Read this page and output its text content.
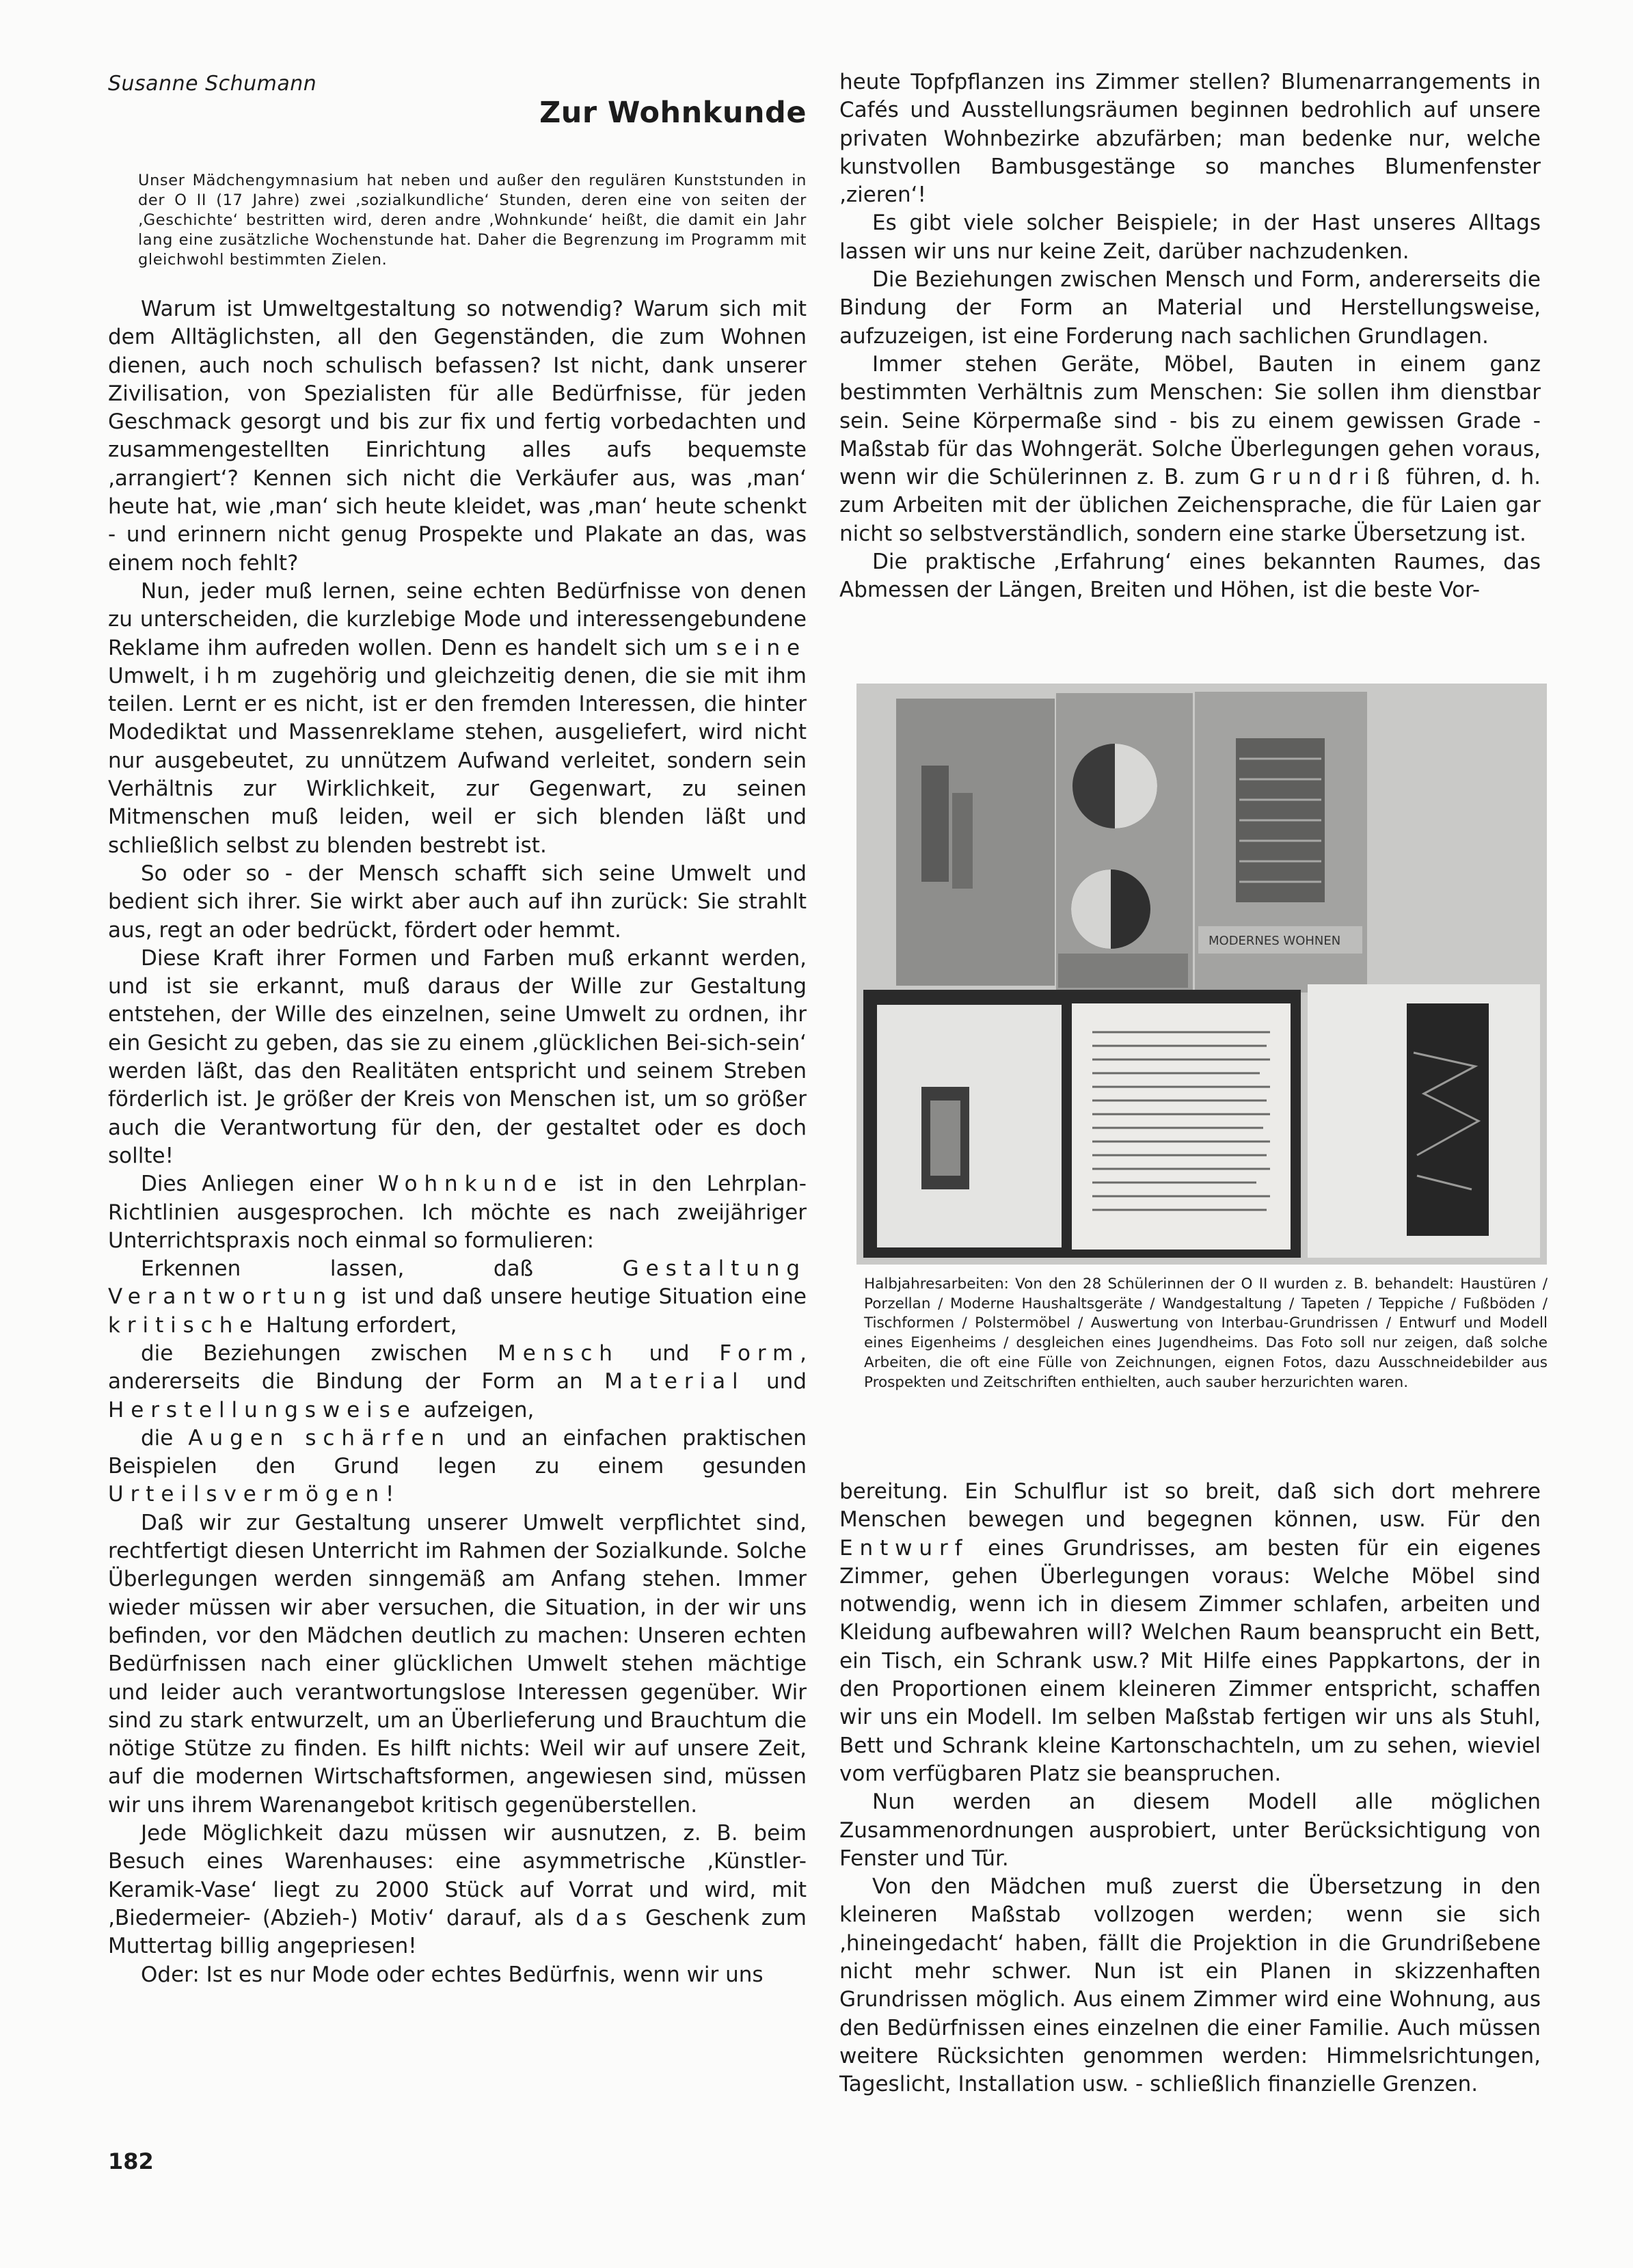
Susanne Schumann
Zur Wohnkunde
Unser Mädchengymnasium hat neben und außer den regulären Kunststunden in der O II (17 Jahre) zwei ‚sozialkundliche‘ Stunden, deren eine von seiten der ‚Geschichte‘ bestritten wird, deren andre ‚Wohnkunde‘ heißt, die damit ein Jahr lang eine zusätzliche Wochenstunde hat. Daher die Begrenzung im Programm mit gleichwohl bestimmten Zielen.

Warum ist Umweltgestaltung so notwendig? Warum sich mit dem Alltäglichsten, all den Gegenständen, die zum Wohnen dienen, auch noch schulisch befassen? Ist nicht, dank unserer Zivilisation, von Spezialisten für alle Bedürfnisse, für jeden Geschmack gesorgt und bis zur fix und fertig vorbedachten und zusammengestellten Einrichtung alles aufs bequemste ‚arrangiert‘? Kennen sich nicht die Verkäufer aus, was ‚man‘ heute hat, wie ‚man‘ sich heute kleidet, was ‚man‘ heute schenkt - und erinnern nicht genug Prospekte und Plakate an das, was einem noch fehlt?

Nun, jeder muß lernen, seine echten Bedürfnisse von denen zu unterscheiden, die kurzlebige Mode und interessengebundene Reklame ihm aufreden wollen. Denn es handelt sich um seine Umwelt, ihm zugehörig und gleichzeitig denen, die sie mit ihm teilen. Lernt er es nicht, ist er den fremden Interessen, die hinter Modediktat und Massenreklame stehen, ausgeliefert, wird nicht nur ausgebeutet, zu unnützem Aufwand verleitet, sondern sein Verhältnis zur Wirklichkeit, zur Gegenwart, zu seinen Mitmenschen muß leiden, weil er sich blenden läßt und schließlich selbst zu blenden bestrebt ist.

So oder so - der Mensch schafft sich seine Umwelt und bedient sich ihrer. Sie wirkt aber auch auf ihn zurück: Sie strahlt aus, regt an oder bedrückt, fördert oder hemmt.

Diese Kraft ihrer Formen und Farben muß erkannt werden, und ist sie erkannt, muß daraus der Wille zur Gestaltung entstehen, der Wille des einzelnen, seine Umwelt zu ordnen, ihr ein Gesicht zu geben, das sie zu einem ‚glücklichen Bei-sich-sein‘ werden läßt, das den Realitäten entspricht und seinem Streben förderlich ist. Je größer der Kreis von Menschen ist, um so größer auch die Verantwortung für den, der gestaltet oder es doch sollte!

Dies Anliegen einer Wohnkunde ist in den Lehrplan-Richtlinien ausgesprochen. Ich möchte es nach zweijähriger Unterrichtspraxis noch einmal so formulieren:

Erkennen lassen, daß Gestaltung Verantwortung ist und daß unsere heutige Situation eine kritische Haltung erfordert,

die Beziehungen zwischen Mensch und Form, andererseits die Bindung der Form an Material und Herstellungsweise aufzeigen,

die Augen schärfen und an einfachen praktischen Beispielen den Grund legen zu einem gesunden Urteilsvermögen!

Daß wir zur Gestaltung unserer Umwelt verpflichtet sind, rechtfertigt diesen Unterricht im Rahmen der Sozialkunde. Solche Überlegungen werden sinngemäß am Anfang stehen. Immer wieder müssen wir aber versuchen, die Situation, in der wir uns befinden, vor den Mädchen deutlich zu machen: Unseren echten Bedürfnissen nach einer glücklichen Umwelt stehen mächtige und leider auch verantwortungslose Interessen gegenüber. Wir sind zu stark entwurzelt, um an Überlieferung und Brauchtum die nötige Stütze zu finden. Es hilft nichts: Weil wir auf unsere Zeit, auf die modernen Wirtschaftsformen, angewiesen sind, müssen wir uns ihrem Warenangebot kritisch gegenüberstellen.

Jede Möglichkeit dazu müssen wir ausnutzen, z. B. beim Besuch eines Warenhauses: eine asymmetrische ‚Künstler-Keramik-Vase‘ liegt zu 2000 Stück auf Vorrat und wird, mit ‚Biedermeier- (Abzieh-) Motiv‘ darauf, als das Geschenk zum Muttertag billig angepriesen!

Oder: Ist es nur Mode oder echtes Bedürfnis, wenn wir uns

heute Topfpflanzen ins Zimmer stellen? Blumenarrangements in Cafés und Ausstellungsräumen beginnen bedrohlich auf unsere privaten Wohnbezirke abzufärben; man bedenke nur, welche kunstvollen Bambusgestänge so manches Blumenfenster ‚zieren‘!

Es gibt viele solcher Beispiele; in der Hast unseres Alltags lassen wir uns nur keine Zeit, darüber nachzudenken.

Die Beziehungen zwischen Mensch und Form, andererseits die Bindung der Form an Material und Herstellungsweise, aufzuzeigen, ist eine Forderung nach sachlichen Grundlagen.

Immer stehen Geräte, Möbel, Bauten in einem ganz bestimmten Verhältnis zum Menschen: Sie sollen ihm dienstbar sein. Seine Körpermaße sind - bis zu einem gewissen Grade - Maßstab für das Wohngerät. Solche Überlegungen gehen voraus, wenn wir die Schülerinnen z. B. zum Grundriß führen, d. h. zum Arbeiten mit der üblichen Zeichensprache, die für Laien gar nicht so selbstverständlich, sondern eine starke Übersetzung ist.

Die praktische ‚Erfahrung‘ eines bekannten Raumes, das Abmessen der Längen, Breiten und Höhen, ist die beste Vor-

MODERNES WOHNEN
Halbjahresarbeiten: Von den 28 Schülerinnen der O II wurden z. B. behandelt: Haustüren / Porzellan / Moderne Haushaltsgeräte / Wandgestaltung / Tapeten / Teppiche / Fußböden / Tischformen / Polstermöbel / Auswertung von Interbau-Grundrissen / Entwurf und Modell eines Eigenheims / desgleichen eines Jugendheims. Das Foto soll nur zeigen, daß solche Arbeiten, die oft eine Fülle von Zeichnungen, eignen Fotos, dazu Ausschneidebilder aus Prospekten und Zeitschriften enthielten, auch sauber herzurichten waren.

bereitung. Ein Schulflur ist so breit, daß sich dort mehrere Menschen bewegen und begegnen können, usw. Für den Entwurf eines Grundrisses, am besten für ein eigenes Zimmer, gehen Überlegungen voraus: Welche Möbel sind notwendig, wenn ich in diesem Zimmer schlafen, arbeiten und Kleidung aufbewahren will? Welchen Raum beansprucht ein Bett, ein Tisch, ein Schrank usw.? Mit Hilfe eines Pappkartons, der in den Proportionen einem kleineren Zimmer entspricht, schaffen wir uns ein Modell. Im selben Maßstab fertigen wir uns als Stuhl, Bett und Schrank kleine Kartonschachteln, um zu sehen, wieviel vom verfügbaren Platz sie beanspruchen.

Nun werden an diesem Modell alle möglichen Zusammenordnungen ausprobiert, unter Berücksichtigung von Fenster und Tür.

Von den Mädchen muß zuerst die Übersetzung in den kleineren Maßstab vollzogen werden; wenn sie sich ‚hineingedacht‘ haben, fällt die Projektion in die Grundrißebene nicht mehr schwer. Nun ist ein Planen in skizzenhaften Grundrissen möglich. Aus einem Zimmer wird eine Wohnung, aus den Bedürfnissen eines einzelnen die einer Familie. Auch müssen weitere Rücksichten genommen werden: Himmelsrichtungen, Tageslicht, Installation usw. - schließlich finanzielle Grenzen.

182
